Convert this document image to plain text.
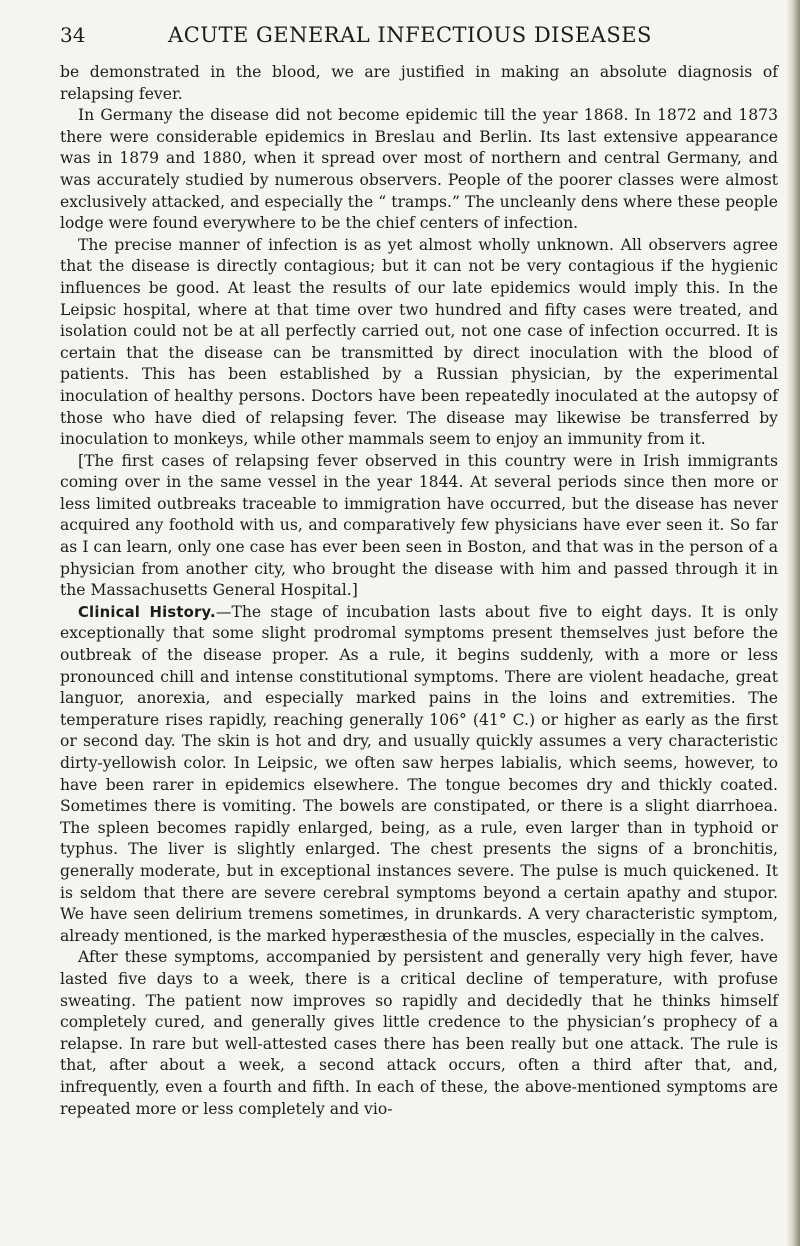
34	ACUTE GENERAL INFECTIOUS DISEASES

be demonstrated in the blood, we are justified in making an absolute diagnosis of relapsing fever.

In Germany the disease did not become epidemic till the year 1868. In 1872 and 1873 there were considerable epidemics in Breslau and Berlin. Its last extensive appearance was in 1879 and 1880, when it spread over most of northern and central Germany, and was accurately studied by numerous observers. People of the poorer classes were almost exclusively attacked, and especially the “ tramps.” The uncleanly dens where these people lodge were found everywhere to be the chief centers of infection.

The precise manner of infection is as yet almost wholly unknown. All observers agree that the disease is directly contagious; but it can not be very contagious if the hygienic influences be good. At least the results of our late epidemics would imply this. In the Leipsic hospital, where at that time over two hundred and fifty cases were treated, and isolation could not be at all perfectly carried out, not one case of infection occurred. It is certain that the disease can be transmitted by direct inoculation with the blood of patients. This has been established by a Russian physician, by the experimental inoculation of healthy persons. Doctors have been repeatedly inoculated at the autopsy of those who have died of relapsing fever. The disease may likewise be transferred by inoculation to monkeys, while other mammals seem to enjoy an immunity from it.

[The first cases of relapsing fever observed in this country were in Irish immigrants coming over in the same vessel in the year 1844. At several periods since then more or less limited outbreaks traceable to immigration have occurred, but the disease has never acquired any foothold with us, and comparatively few physicians have ever seen it. So far as I can learn, only one case has ever been seen in Boston, and that was in the person of a physician from another city, who brought the disease with him and passed through it in the Massachusetts General Hospital.]

Clinical History.—The stage of incubation lasts about five to eight days. It is only exceptionally that some slight prodromal symptoms present themselves just before the outbreak of the disease proper. As a rule, it begins suddenly, with a more or less pronounced chill and intense constitutional symptoms. There are violent headache, great languor, anorexia, and especially marked pains in the loins and extremities. The temperature rises rapidly, reaching generally 106° (41° C.) or higher as early as the first or second day. The skin is hot and dry, and usually quickly assumes a very characteristic dirty-yellowish color. In Leipsic, we often saw herpes labialis, which seems, however, to have been rarer in epidemics elsewhere. The tongue becomes dry and thickly coated. Sometimes there is vomiting. The bowels are constipated, or there is a slight diarrhoea. The spleen becomes rapidly enlarged, being, as a rule, even larger than in typhoid or typhus. The liver is slightly enlarged. The chest presents the signs of a bronchitis, generally moderate, but in exceptional instances severe. The pulse is much quickened. It is seldom that there are severe cerebral symptoms beyond a certain apathy and stupor. We have seen delirium tremens sometimes, in drunkards. A very characteristic symptom, already mentioned, is the marked hyperæsthesia of the muscles, especially in the calves.

After these symptoms, accompanied by persistent and generally very high fever, have lasted five days to a week, there is a critical decline of temperature, with profuse sweating. The patient now improves so rapidly and decidedly that he thinks himself completely cured, and generally gives little credence to the physician’s prophecy of a relapse. In rare but well-attested cases there has been really but one attack. The rule is that, after about a week, a second attack occurs, often a third after that, and, infrequently, even a fourth and fifth. In each of these, the above-mentioned symptoms are repeated more or less completely and vio-
